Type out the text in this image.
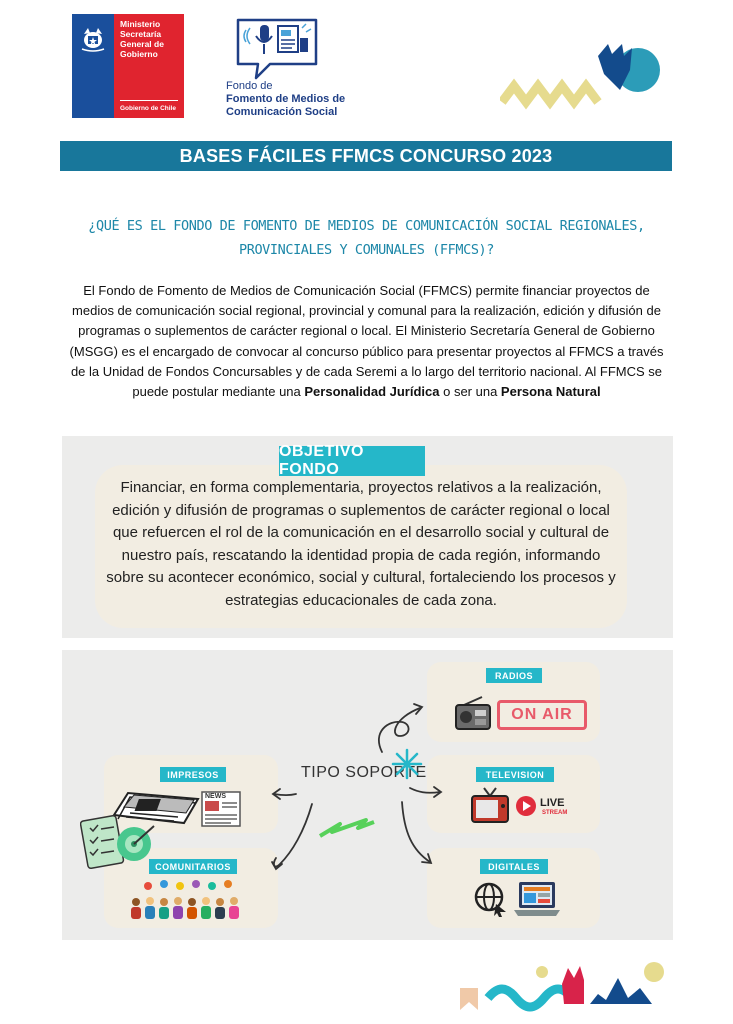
Ministerio
Secretaría
General de
Gobierno
Gobierno de Chile
Fondo de
Fomento de Medios de
Comunicación Social
BASES FÁCILES FFMCS CONCURSO 2023
¿QUÉ ES EL FONDO DE FOMENTO DE MEDIOS DE COMUNICACIÓN SOCIAL REGIONALES, PROVINCIALES Y COMUNALES (FFMCS)?
El Fondo de Fomento de Medios de Comunicación Social (FFMCS) permite financiar proyectos de medios de comunicación social regional, provincial y comunal para la realización, edición y difusión de programas o suplementos de carácter regional o local. El Ministerio Secretaría General de Gobierno (MSGG) es el encargado de convocar al concurso público para presentar proyectos al FFMCS a través de la Unidad de Fondos Concursables y de cada Seremi a lo largo del territorio nacional. Al FFMCS se puede postular mediante una Personalidad Jurídica o ser una Persona Natural
OBJETIVO FONDO
Financiar, en forma complementaria, proyectos relativos a la realización, edición y difusión de programas o suplementos de carácter regional o local que refuercen el rol de la comunicación en el desarrollo social y cultural de nuestro país, rescatando la identidad propia de cada región, informando sobre su acontecer económico, social y cultural, fortaleciendo los procesos y estrategias educacionales de cada zona.
RADIOS
ON AIR
TELEVISION
LIVE
STREAM
DIGITALES
IMPRESOS
NEWS
COMUNITARIOS
TIPO SOPORTE
